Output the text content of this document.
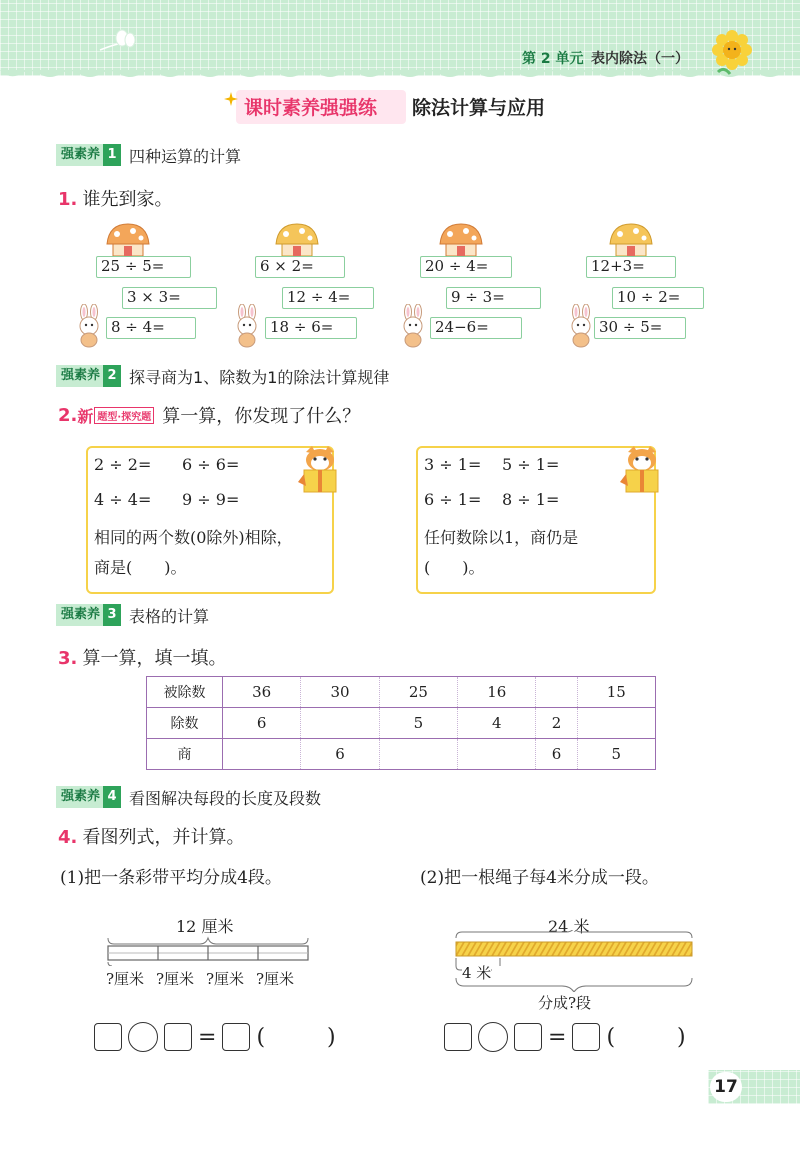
第 2 单元 表内除法（一）
课时素养强强练 除法计算与应用
强素养 1 四种运算的计算
1. 谁先到家。
25 ÷ 5=
3 × 3=
8 ÷ 4=
6 × 2=
12 ÷ 4=
18 ÷ 6=
20 ÷ 4=
9 ÷ 3=
24−6=
12+3=
10 ÷ 2=
30 ÷ 5=
强素养 2 探寻商为1、除数为1的除法计算规律
2. 新 题型·探究题 算一算，你发现了什么？
2 ÷ 2= 6 ÷ 6=
4 ÷ 4= 9 ÷ 9=
相同的两个数(0除外)相除，
商是(　　)。
3 ÷ 1= 5 ÷ 1=
6 ÷ 1= 8 ÷ 1=
任何数除以1，商仍是
(　　)。
强素养 3 表格的计算
3. 算一算，填一填。
被除数	36	30	25	16		15
除数	6		5	4	2	
商		6			6	5
强素养 4 看图解决每段的长度及段数
4. 看图列式，并计算。
(1)把一条彩带平均分成4段。	(2)把一根绳子每4米分成一段。
12 厘米
?厘米 ?厘米 ?厘米 ?厘米
24 米
4 米
分成?段
= (	)	= (	)
17
